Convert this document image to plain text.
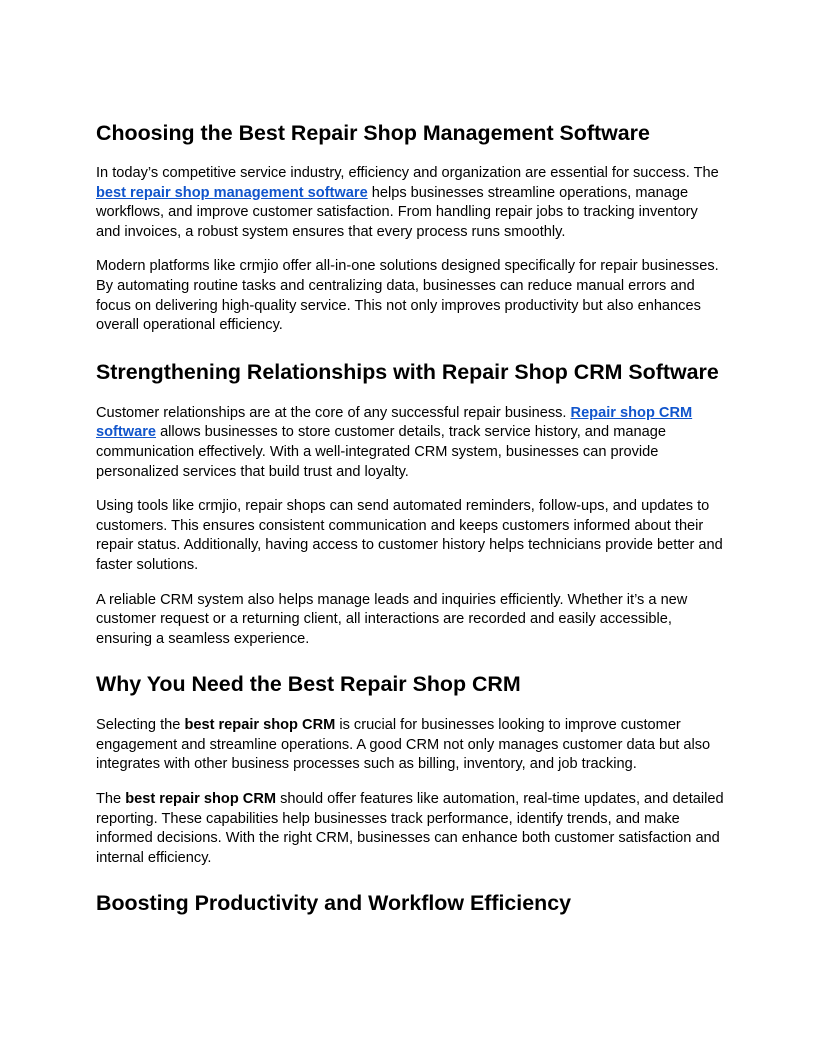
Choosing the Best Repair Shop Management Software

In today’s competitive service industry, efficiency and organization are essential for success. The best repair shop management software helps businesses streamline operations, manage workflows, and improve customer satisfaction. From handling repair jobs to tracking inventory and invoices, a robust system ensures that every process runs smoothly.

Modern platforms like crmjio offer all-in-one solutions designed specifically for repair businesses. By automating routine tasks and centralizing data, businesses can reduce manual errors and focus on delivering high-quality service. This not only improves productivity but also enhances overall operational efficiency.

Strengthening Relationships with Repair Shop CRM Software

Customer relationships are at the core of any successful repair business. Repair shop CRM software allows businesses to store customer details, track service history, and manage communication effectively. With a well-integrated CRM system, businesses can provide personalized services that build trust and loyalty.

Using tools like crmjio, repair shops can send automated reminders, follow-ups, and updates to customers. This ensures consistent communication and keeps customers informed about their repair status. Additionally, having access to customer history helps technicians provide better and faster solutions.

A reliable CRM system also helps manage leads and inquiries efficiently. Whether it’s a new customer request or a returning client, all interactions are recorded and easily accessible, ensuring a seamless experience.

Why You Need the Best Repair Shop CRM

Selecting the best repair shop CRM is crucial for businesses looking to improve customer engagement and streamline operations. A good CRM not only manages customer data but also integrates with other business processes such as billing, inventory, and job tracking.

The best repair shop CRM should offer features like automation, real-time updates, and detailed reporting. These capabilities help businesses track performance, identify trends, and make informed decisions. With the right CRM, businesses can enhance both customer satisfaction and internal efficiency.

Boosting Productivity and Workflow Efficiency
